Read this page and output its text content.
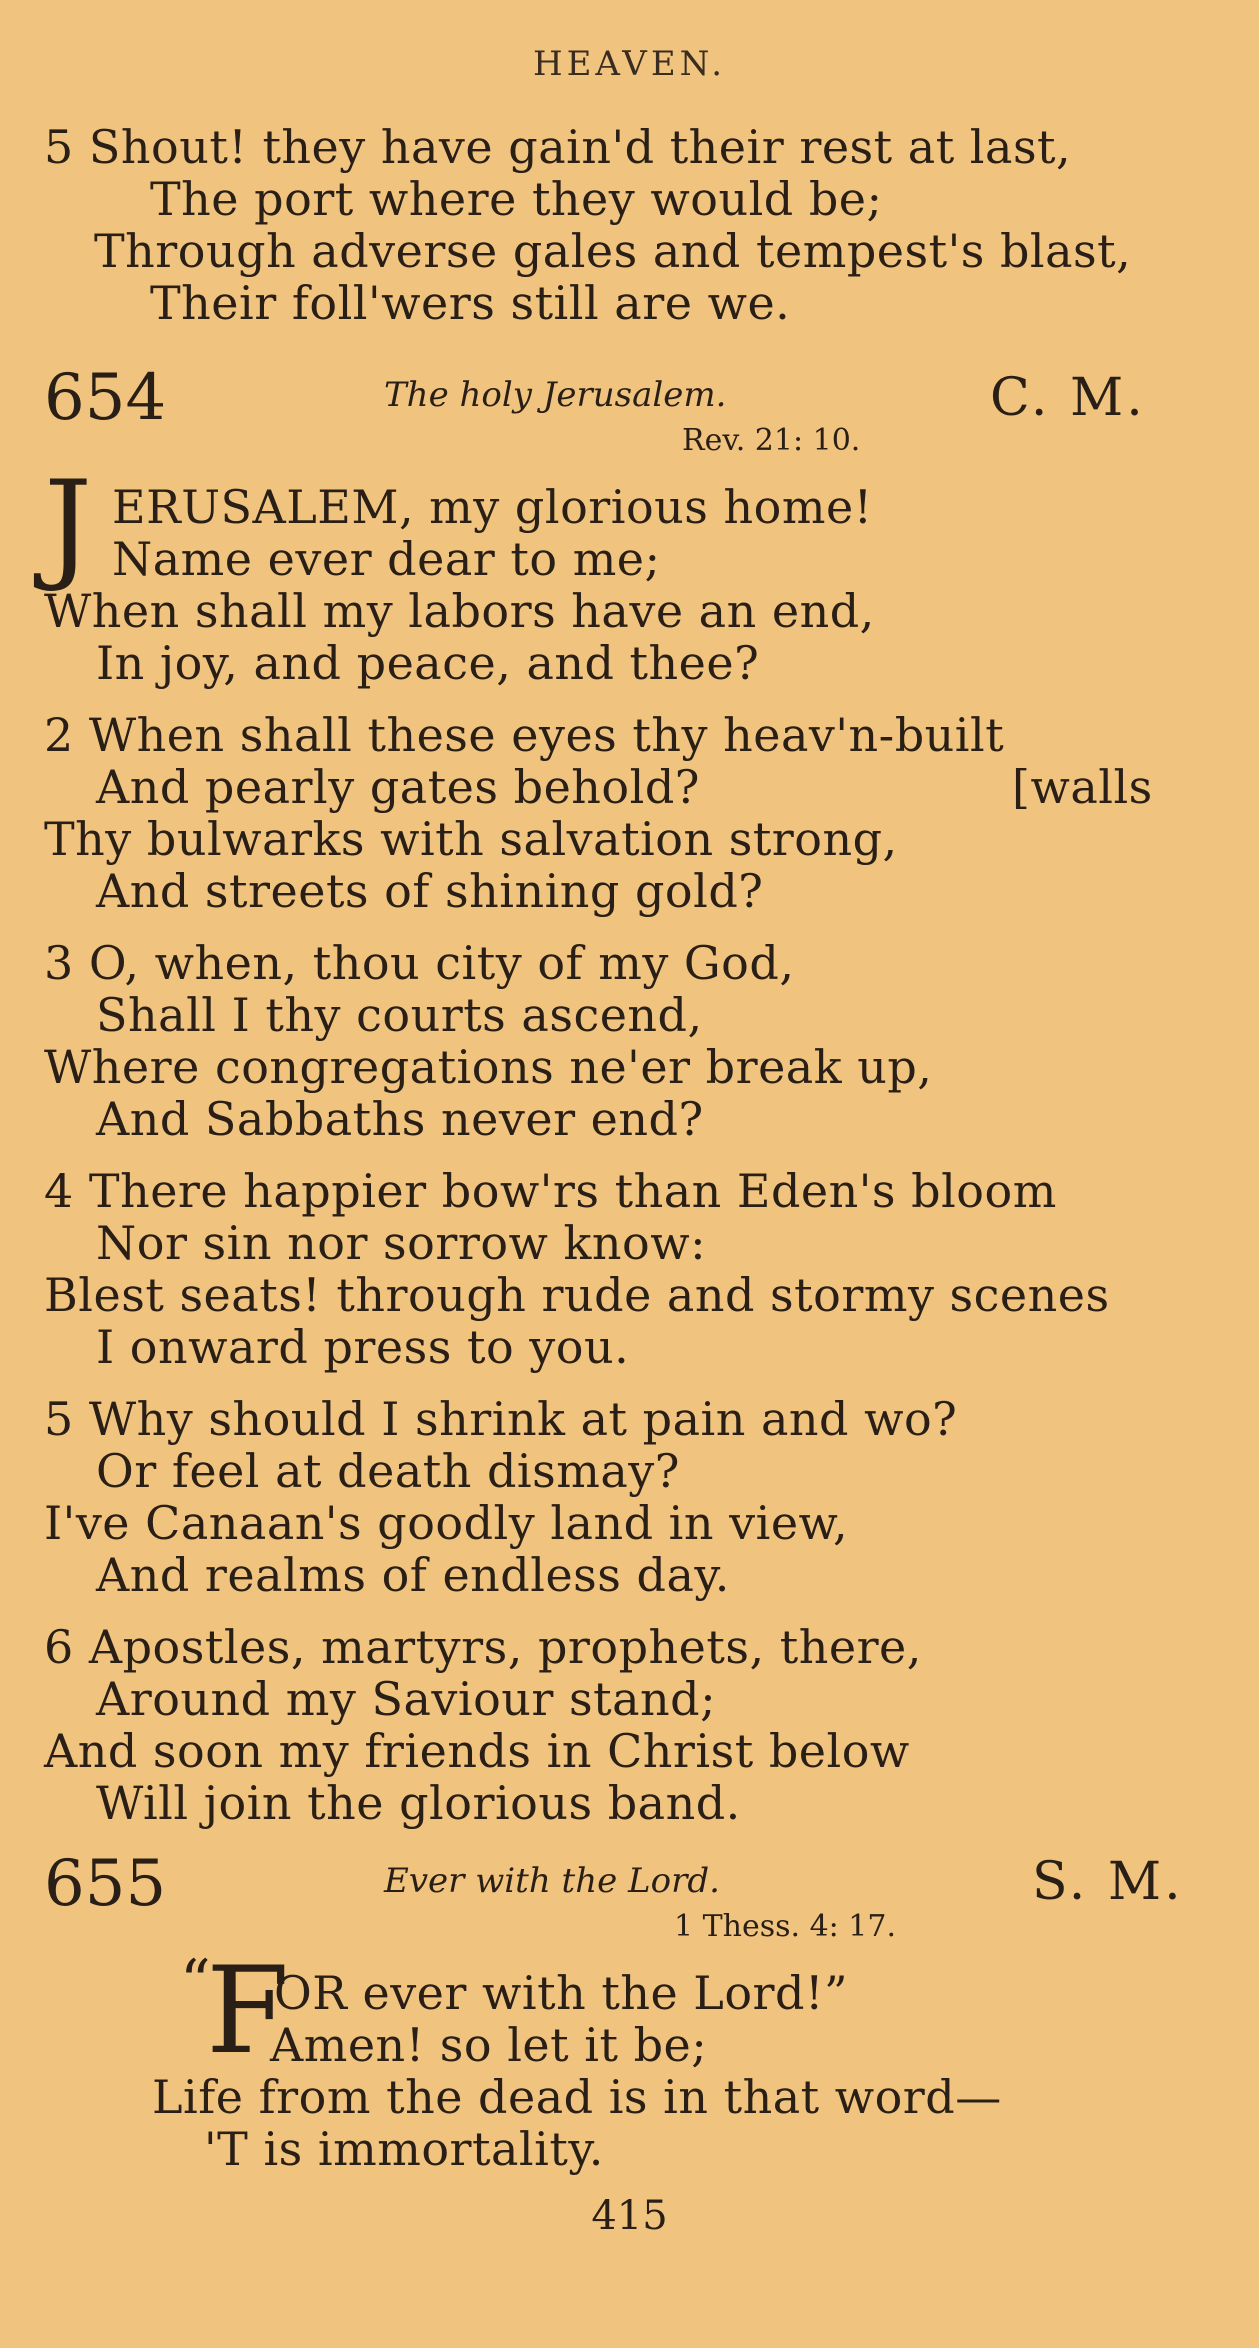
HEAVEN.
5 Shout! they have gain'd their rest at last,
The port where they would be;
Through adverse gales and tempest's blast,
Their foll'wers still are we.
654	The holy Jerusalem.	C. M.
Rev. 21: 10.
J ERUSALEM, my glorious home!
Name ever dear to me;
When shall my labors have an end,
In joy, and peace, and thee?
2 When shall these eyes thy heav'n-built
And pearly gates behold?	[walls
Thy bulwarks with salvation strong,
And streets of shining gold?
3 O, when, thou city of my God,
Shall I thy courts ascend,
Where congregations ne'er break up,
And Sabbaths never end?
4 There happier bow'rs than Eden's bloom
Nor sin nor sorrow know:
Blest seats! through rude and stormy scenes
I onward press to you.
5 Why should I shrink at pain and wo?
Or feel at death dismay?
I've Canaan's goodly land in view,
And realms of endless day.
6 Apostles, martyrs, prophets, there,
Around my Saviour stand;
And soon my friends in Christ below
Will join the glorious band.
655	Ever with the Lord.	S. M.
1 Thess. 4: 17.
“
F
OR ever with the Lord!”
Amen! so let it be;
Life from the dead is in that word—
'T is immortality.
415
